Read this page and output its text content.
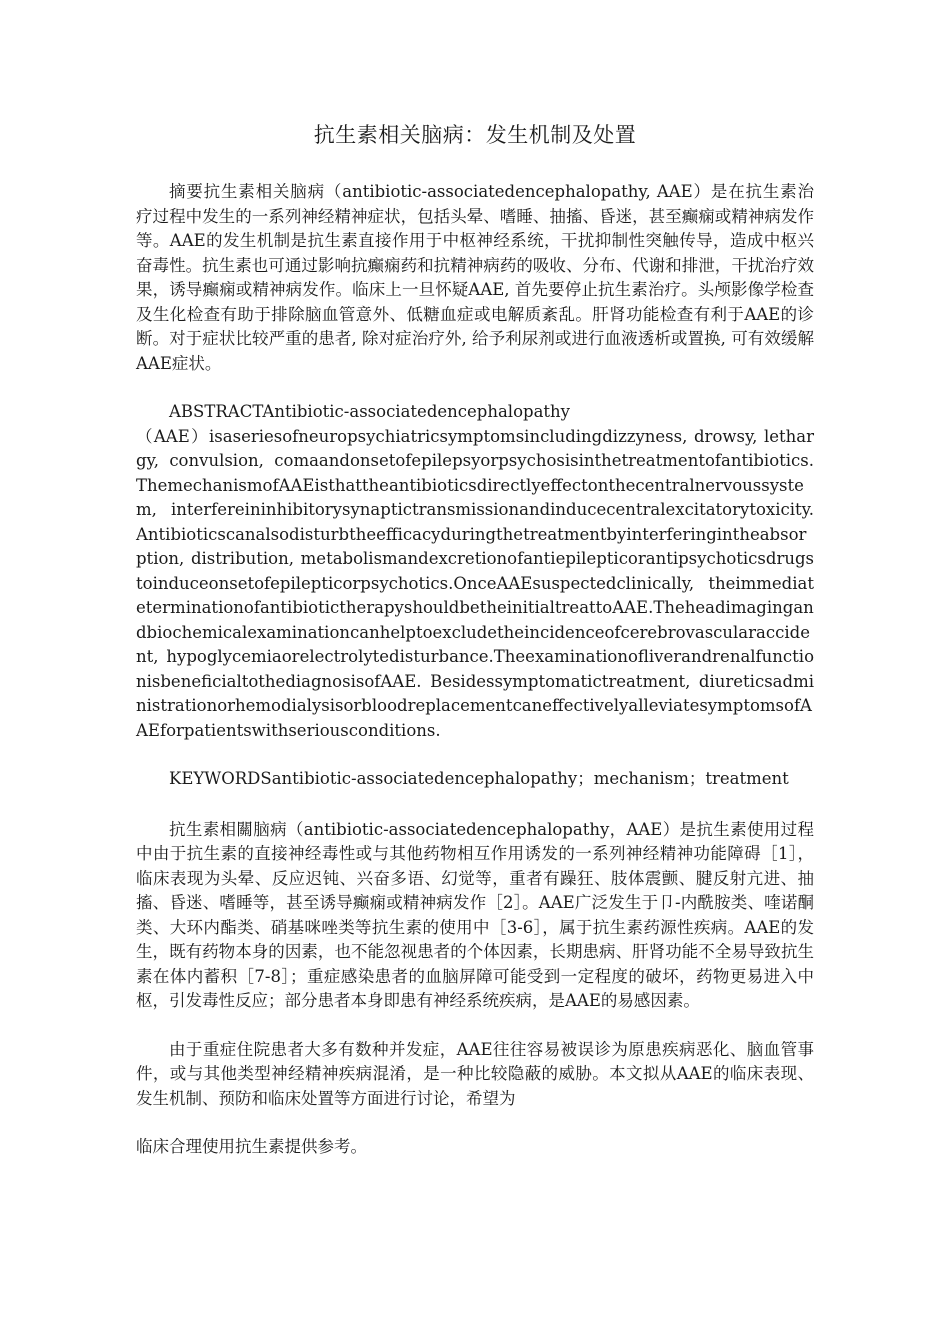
抗生素相关脑病：发生机制及处置

摘要抗生素相关脑病（antibiotic-associatedencephalopathy, AAE）是在抗生素治疗过程中发生的一系列神经精神症状，包括头晕、嗜睡、抽搐、昏迷，甚至癫痫或精神病发作等。AAE的发生机制是抗生素直接作用于中枢神经系统，干扰抑制性突触传导，造成中枢兴奋毒性。抗生素也可通过影响抗癫痫药和抗精神病药的吸收、分布、代谢和排泄，干扰治疗效果，诱导癫痫或精神病发作。临床上一旦怀疑AAE, 首先要停止抗生素治疗。头颅影像学检查及生化检查有助于排除脑血管意外、低糖血症或电解质紊乱。肝肾功能检查有利于AAE的诊断。对于症状比较严重的患者, 除对症治疗外, 给予利尿剂或进行血液透析或置换, 可有效缓解AAE症状。

ABSTRACTAntibiotic-associatedencephalopathy
（AAE）isaseriesofneuropsychiatricsymptomsincludingdizzyness, drowsy, lethargy, convulsion, comaandonsetofepilepsyorpsychosisinthetreatmentofantibiotics.ThemechanismofAAEisthattheantibioticsdirectlyeffectonthecentralnervoussystem, interfereininhibitorysynaptictransmissionandinducecentralexcitatorytoxicity.Antibioticscanalsodisturbtheefficacyduringthetreatmentbyinterferingintheabsorption, distribution, metabolismandexcretionofantiepilepticorantipsychoticsdrugstoinduceonsetofepilepticorpsychotics.OnceAAEsuspectedclinically, theimmediateterminationofantibiotictherapyshouldbetheinitialtreattoAAE.Theheadimagingandbiochemicalexaminationcanhelptoexcludetheincidenceofcerebrovascularaccident, hypoglycemiaorelectrolytedisturbance.TheexaminationofliverandrenalfunctionisbeneficialtothediagnosisofAAE. Besidessymptomatictreatment, diureticsadministrationorhemodialysisorbloodreplacementcaneffectivelyalleviatesymptomsofAAEforpatientswithseriousconditions.

KEYWORDSantibiotic-associatedencephalopathy；mechanism；treatment

抗生素相關脑病（antibiotic-associatedencephalopathy，AAE）是抗生素使用过程中由于抗生素的直接神经毒性或与其他药物相互作用诱发的一系列神经精神功能障碍［1］，临床表现为头晕、反应迟钝、兴奋多语、幻觉等，重者有躁狂、肢体震颤、腱反射亢进、抽搐、昏迷、嗜睡等，甚至诱导癫痫或精神病发作［2］。AAE广泛发生于卩-内酰胺类、喹诺酮类、大环内酯类、硝基咪唑类等抗生素的使用中［3-6］，属于抗生素药源性疾病。AAE的发生，既有药物本身的因素，也不能忽视患者的个体因素，长期患病、肝肾功能不全易导致抗生素在体内蓄积［7-8］；重症感染患者的血脑屏障可能受到一定程度的破坏，药物更易进入中枢，引发毒性反应；部分患者本身即患有神经系统疾病，是AAE的易感因素。

由于重症住院患者大多有数种并发症，AAE往往容易被误诊为原患疾病恶化、脑血管事件，或与其他类型神经精神疾病混淆，是一种比较隐蔽的威胁。本文拟从AAE的临床表现、发生机制、预防和临床处置等方面进行讨论，希望为

临床合理使用抗生素提供参考。
